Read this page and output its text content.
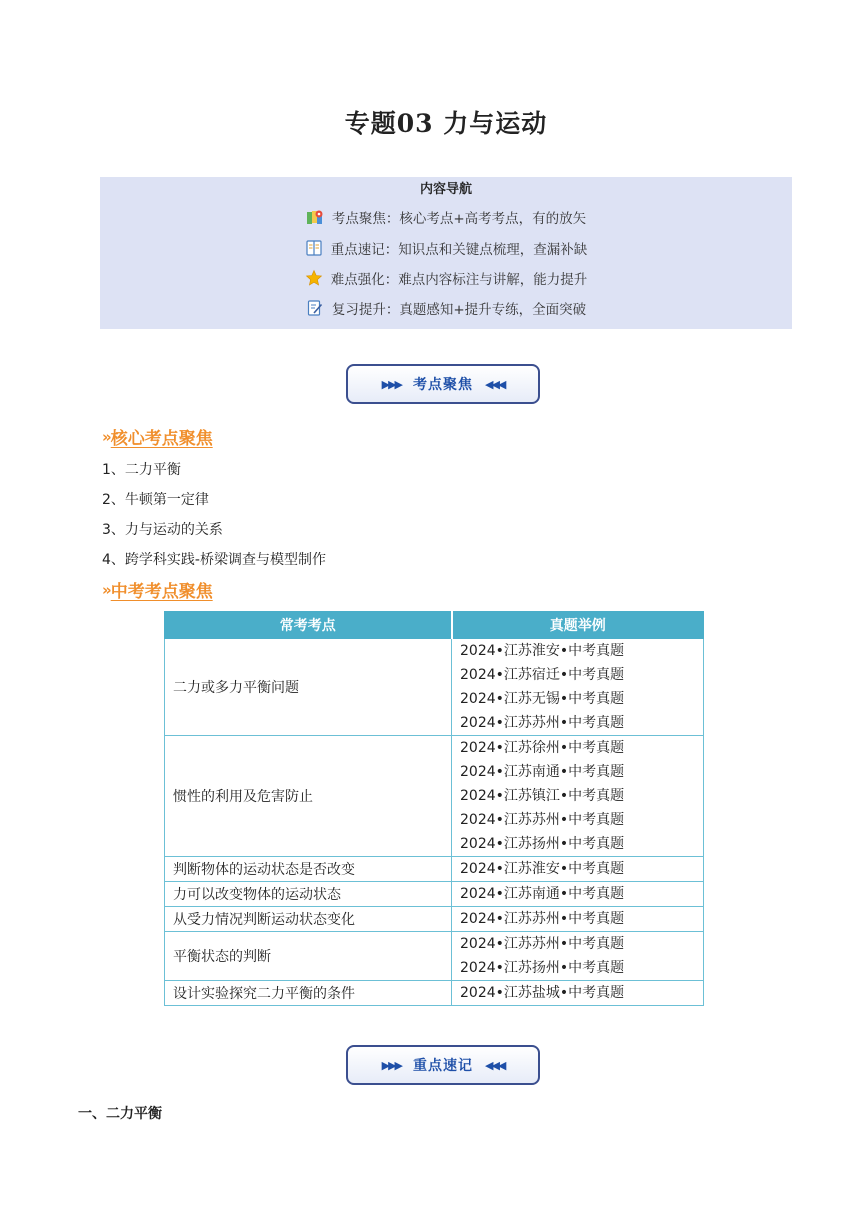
专题03 力与运动
内容导航
考点聚焦：核心考点+高考考点，有的放矢
重点速记：知识点和关键点梳理，查漏补缺
难点强化：难点内容标注与讲解，能力提升
复习提升：真题感知+提升专练，全面突破
▶▶▶ 考点聚焦 ◀◀◀
» 核心考点聚焦
1、二力平衡
2、牛顿第一定律
3、力与运动的关系
4、跨学科实践-桥梁调查与模型制作
» 中考考点聚焦
常考考点	真题举例
二力或多力平衡问题	2024•江苏淮安•中考真题
2024•江苏宿迁•中考真题
2024•江苏无锡•中考真题
2024•江苏苏州•中考真题

惯性的利用及危害防止	2024•江苏徐州•中考真题
2024•江苏南通•中考真题
2024•江苏镇江•中考真题
2024•江苏苏州•中考真题
2024•江苏扬州•中考真题

判断物体的运动状态是否改变	2024•江苏淮安•中考真题

力可以改变物体的运动状态	2024•江苏南通•中考真题

从受力情况判断运动状态变化	2024•江苏苏州•中考真题

平衡状态的判断	2024•江苏苏州•中考真题
2024•江苏扬州•中考真题

设计实验探究二力平衡的条件	2024•江苏盐城•中考真题
▶▶▶ 重点速记 ◀◀◀
一、二力平衡
